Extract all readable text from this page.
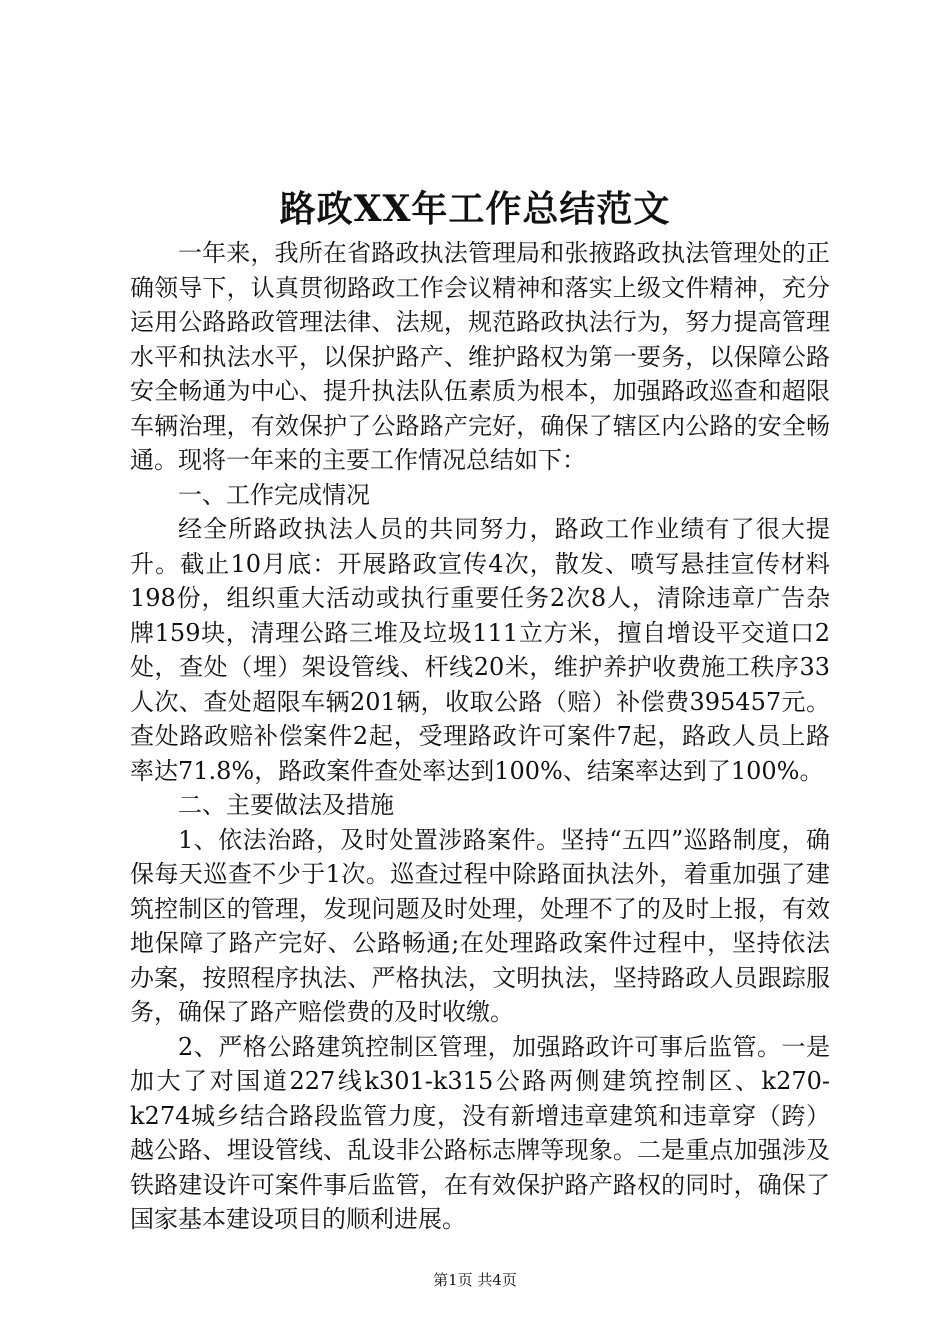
路政XX年工作总结范文

一年来，我所在省路政执法管理局和张掖路政执法管理处的正确领导下，认真贯彻路政工作会议精神和落实上级文件精神，充分运用公路路政管理法律、法规，规范路政执法行为，努力提高管理水平和执法水平，以保护路产、维护路权为第一要务，以保障公路安全畅通为中心、提升执法队伍素质为根本，加强路政巡查和超限车辆治理，有效保护了公路路产完好，确保了辖区内公路的安全畅通。现将一年来的主要工作情况总结如下：

一、工作完成情况

经全所路政执法人员的共同努力，路政工作业绩有了很大提升。截止10月底：开展路政宣传4次，散发、喷写悬挂宣传材料198份，组织重大活动或执行重要任务2次8人，清除违章广告杂牌159块，清理公路三堆及垃圾111立方米，擅自增设平交道口2处，查处（埋）架设管线、杆线20米，维护养护收费施工秩序33人次、查处超限车辆201辆，收取公路（赔）补偿费395457元。查处路政赔补偿案件2起，受理路政许可案件7起，路政人员上路率达71.8%，路政案件查处率达到100%、结案率达到了100%。

二、主要做法及措施

1、依法治路，及时处置涉路案件。坚持“五四”巡路制度，确保每天巡查不少于1次。巡查过程中除路面执法外，着重加强了建筑控制区的管理，发现问题及时处理，处理不了的及时上报，有效地保障了路产完好、公路畅通;在处理路政案件过程中，坚持依法办案，按照程序执法、严格执法，文明执法，坚持路政人员跟踪服务，确保了路产赔偿费的及时收缴。

2、严格公路建筑控制区管理，加强路政许可事后监管。一是加大了对国道227线k301-k315公路两侧建筑控制区、k270-k274城乡结合路段监管力度，没有新增违章建筑和违章穿（跨）越公路、埋设管线、乱设非公路标志牌等现象。二是重点加强涉及铁路建设许可案件事后监管，在有效保护路产路权的同时，确保了国家基本建设项目的顺利进展。

第1页 共4页
